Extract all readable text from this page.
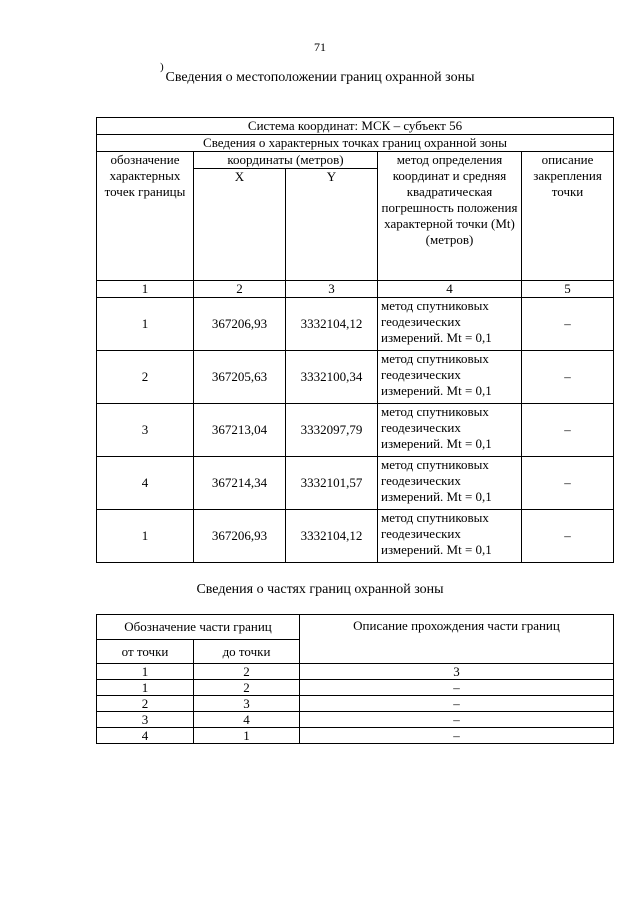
71
)
Сведения о местоположении границ охранной зоны
Система координат: МСК – субъект 56				
Сведения о характерных точках границ охранной зоны				
обозначение характерных точек границы	координаты (метров)		метод определения координат и средняя квадратическая погрешность положения характерной точки (Mt) (метров)	описание закрепления точки
	X	Y		
1	2	3	4	5
1	367206,93	3332104,12	метод спутниковых геодезических измерений. Mt = 0,1	–
2	367205,63	3332100,34	метод спутниковых геодезических измерений. Mt = 0,1	–
3	367213,04	3332097,79	метод спутниковых геодезических измерений. Mt = 0,1	–
4	367214,34	3332101,57	метод спутниковых геодезических измерений. Mt = 0,1	–
1	367206,93	3332104,12	метод спутниковых геодезических измерений. Mt = 0,1	–
Сведения о частях границ охранной зоны
Обозначение части границ		Описание прохождения части границ
от точки	до точки	
1	2	3
1	2	–
2	3	–
3	4	–
4	1	–
